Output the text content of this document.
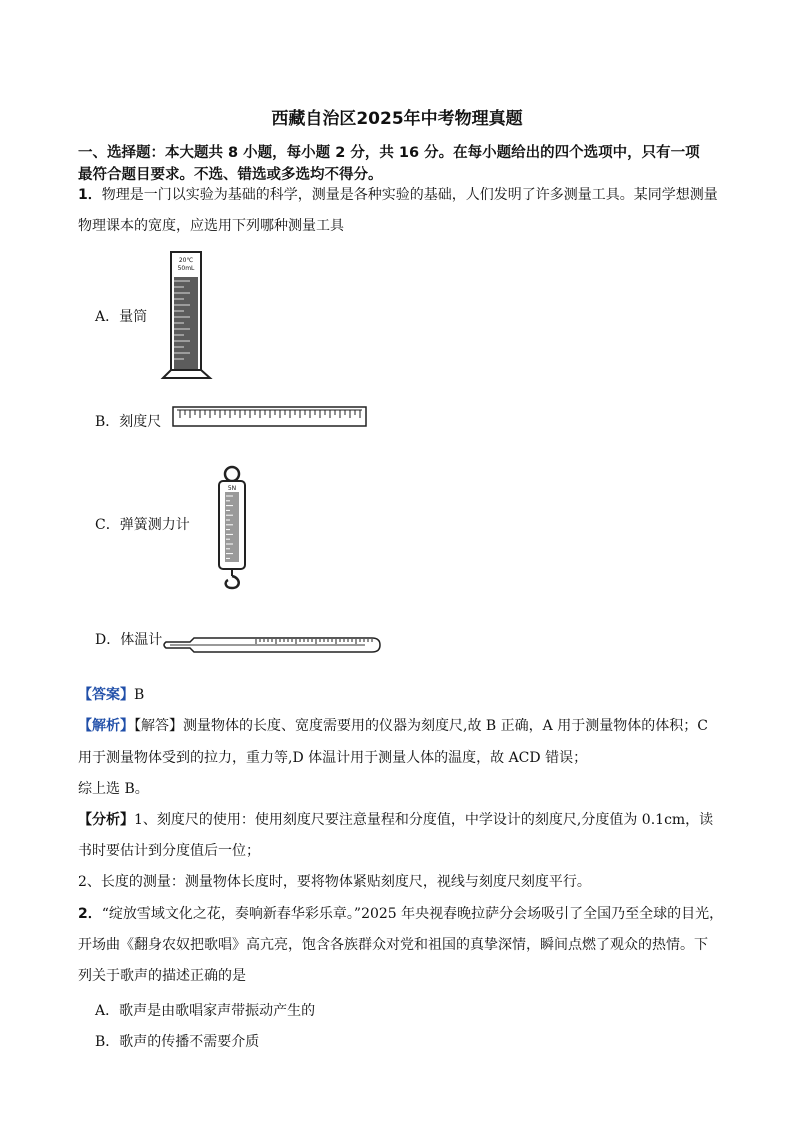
西藏自治区2025年中考物理真题
一、选择题：本大题共 8 小题，每小题 2 分，共 16 分。在每小题给出的四个选项中，只有一项
最符合题目要求。不选、错选或多选均不得分。
1．物理是一门以实验为基础的科学，测量是各种实验的基础，人们发明了许多测量工具。某同学想测量
物理课本的宽度，应选用下列哪种测量工具
A．量筒
20℃
50mL
B．刻度尺
C．弹簧测力计
5N
D．体温计
【答案】B
【解析】【解答】测量物体的长度、宽度需要用的仪器为刻度尺,故 B 正确，A 用于测量物体的体积；C
用于测量物体受到的拉力，重力等,D 体温计用于测量人体的温度，故 ACD 错误；
综上选 B。
【分析】1、刻度尺的使用：使用刻度尺要注意量程和分度值，中学设计的刻度尺,分度值为 0.1cm，读
书时要估计到分度值后一位；
2、长度的测量：测量物体长度时，要将物体紧贴刻度尺，视线与刻度尺刻度平行。
2．“绽放雪域文化之花，奏响新春华彩乐章。”2025 年央视春晚拉萨分会场吸引了全国乃至全球的目光，
开场曲《翻身农奴把歌唱》高亢亮，饱含各族群众对党和祖国的真挚深情，瞬间点燃了观众的热情。下
列关于歌声的描述正确的是
A．歌声是由歌唱家声带振动产生的
B．歌声的传播不需要介质
